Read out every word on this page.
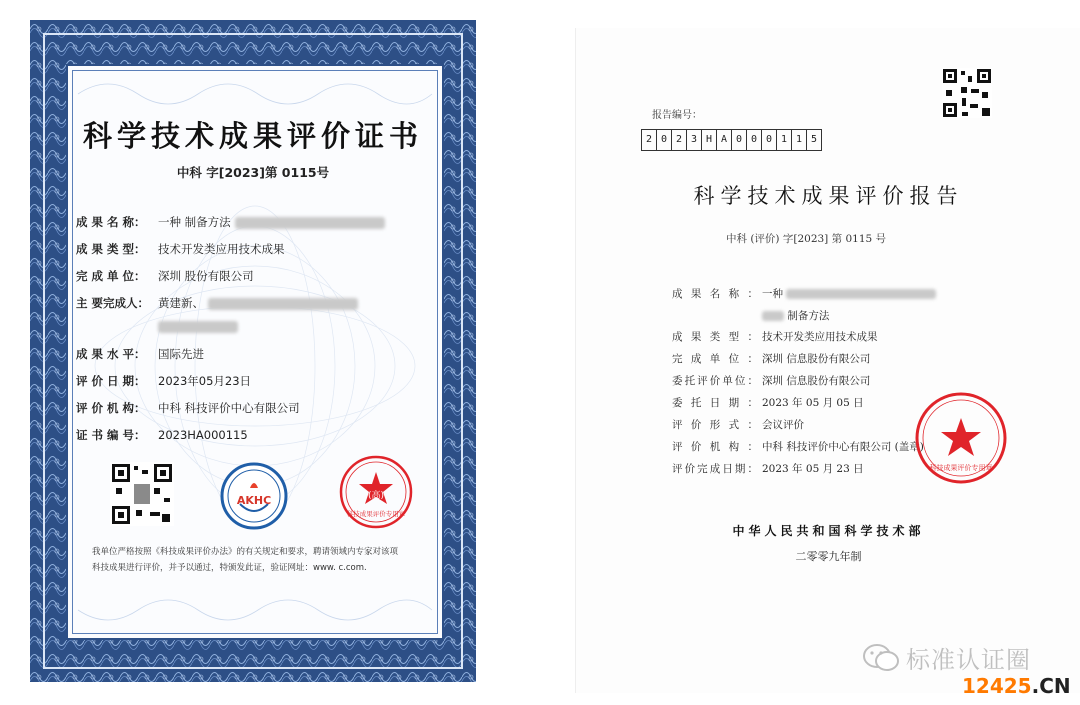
科学技术成果评价证书
中科 字[2023]第 0115号
成 果 名 称： 一种 制备方法
成 果 类 型： 技术开发类应用技术成果
完 成 单 位： 深圳 股份有限公司
主 要完成人： 黄建新、
成 果 水 平： 国际先进
评 价 日 期： 2023年05月23日
评 价 机 构： 中科 科技评价中心有限公司
证 书 编 号： 2023HA000115
AKHC	(高)
科技成果评价专用章
我单位严格按照《科技成果评价办法》的有关规定和要求，聘请领域内专家对该项
科技成果进行评价，并予以通过，特颁发此证，验证网址：www. c.com.
报告编号：
2 0 2 3 H A 0 0 0 1 1 5
科学技术成果评价报告
中科 (评价) 字[2023] 第 0115 号
成果名称： 一种
制备方法
成果类型： 技术开发类应用技术成果
完成单位： 深圳 信息股份有限公司
委托评价单位： 深圳 信息股份有限公司
委托日期： 2023 年 05 月 05 日
评价形式： 会议评价
评价机构： 中科 科技评价中心有限公司 (盖章)
评价完成日期： 2023 年 05 月 23 日	科技成果评价专用章
中华人民共和国科学技术部
二零零九年制
标准认证圈
12425.CN
